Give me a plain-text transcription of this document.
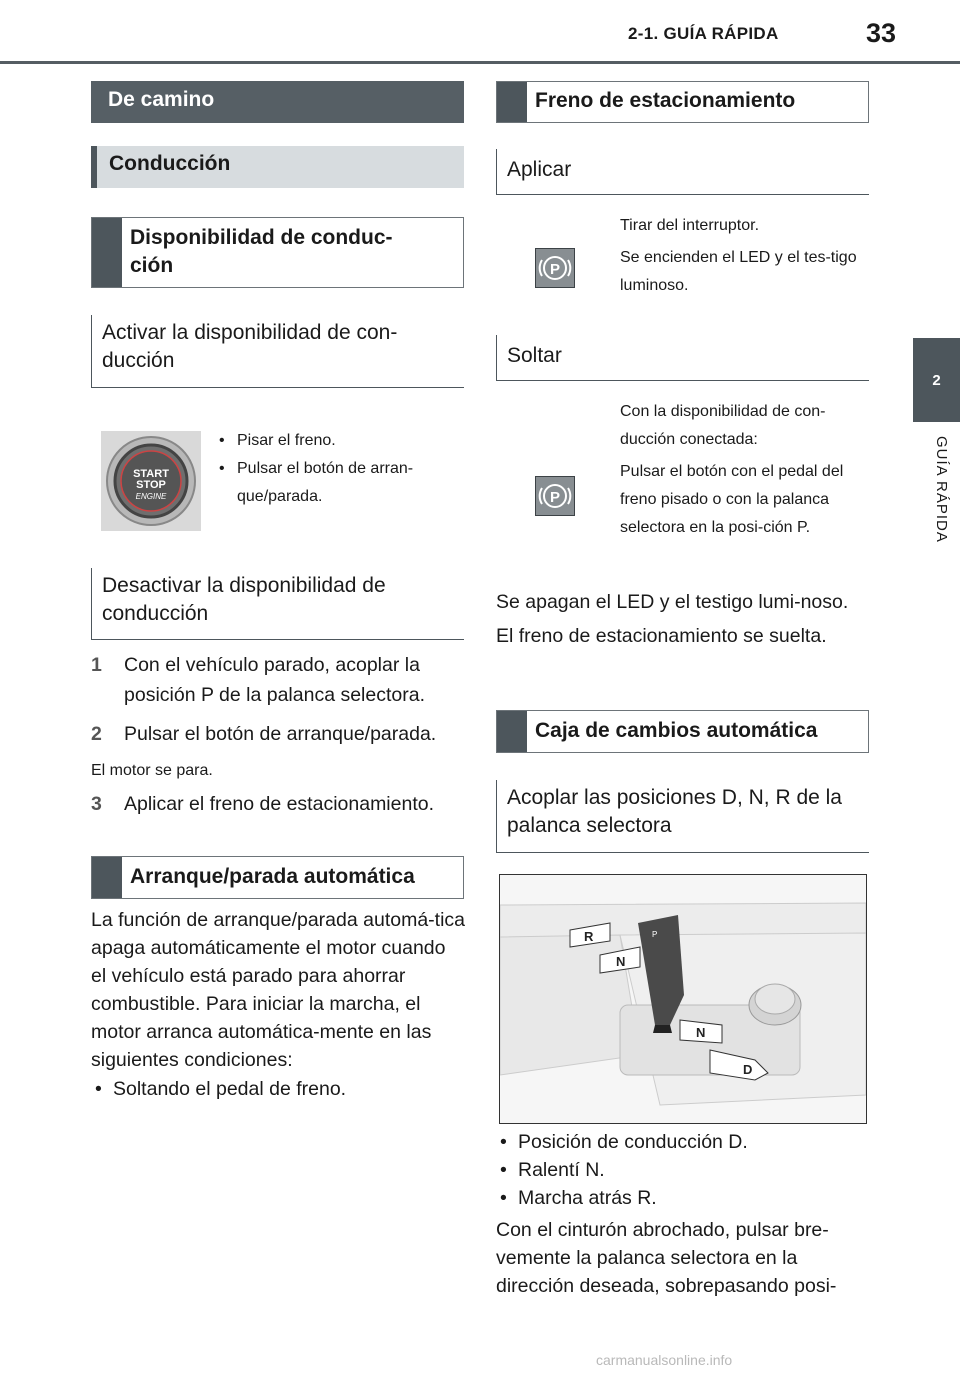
2-1. GUÍA RÁPIDA	33
2
GUÍA RÁPIDA
De camino
Conducción
Disponibilidad de conduc-ción
Activar la disponibilidad de con-ducción
START
STOP
ENGINE
• Pisar el freno.
• Pulsar el botón de arran-que/parada.
Desactivar la disponibilidad de conducción
1 Con el vehículo parado, acoplar la posición P de la palanca selectora.
2 Pulsar el botón de arranque/parada.
El motor se para.
3 Aplicar el freno de estacionamiento.
Arranque/parada automática
La función de arranque/parada automá-tica apaga automáticamente el motor cuando el vehículo está parado para ahorrar combustible. Para iniciar la marcha, el motor arranca automática-mente en las siguientes condiciones:
• Soltando el pedal de freno.
Freno de estacionamiento
Aplicar
P
Tirar del interruptor.
Se encienden el LED y el tes-tigo luminoso.
Soltar
P
Con la disponibilidad de con-ducción conectada:
Pulsar el botón con el pedal del freno pisado o con la palanca selectora en la posi-ción P.
Se apagan el LED y el testigo lumi-noso.
El freno de estacionamiento se suelta.
Caja de cambios automática
Acoplar las posiciones D, N, R de la palanca selectora
P
R
N
N
D
• Posición de conducción D.
• Ralentí N.
• Marcha atrás R.
Con el cinturón abrochado, pulsar bre-vemente la palanca selectora en la dirección deseada, sobrepasando posi-
carmanualsonline.info
